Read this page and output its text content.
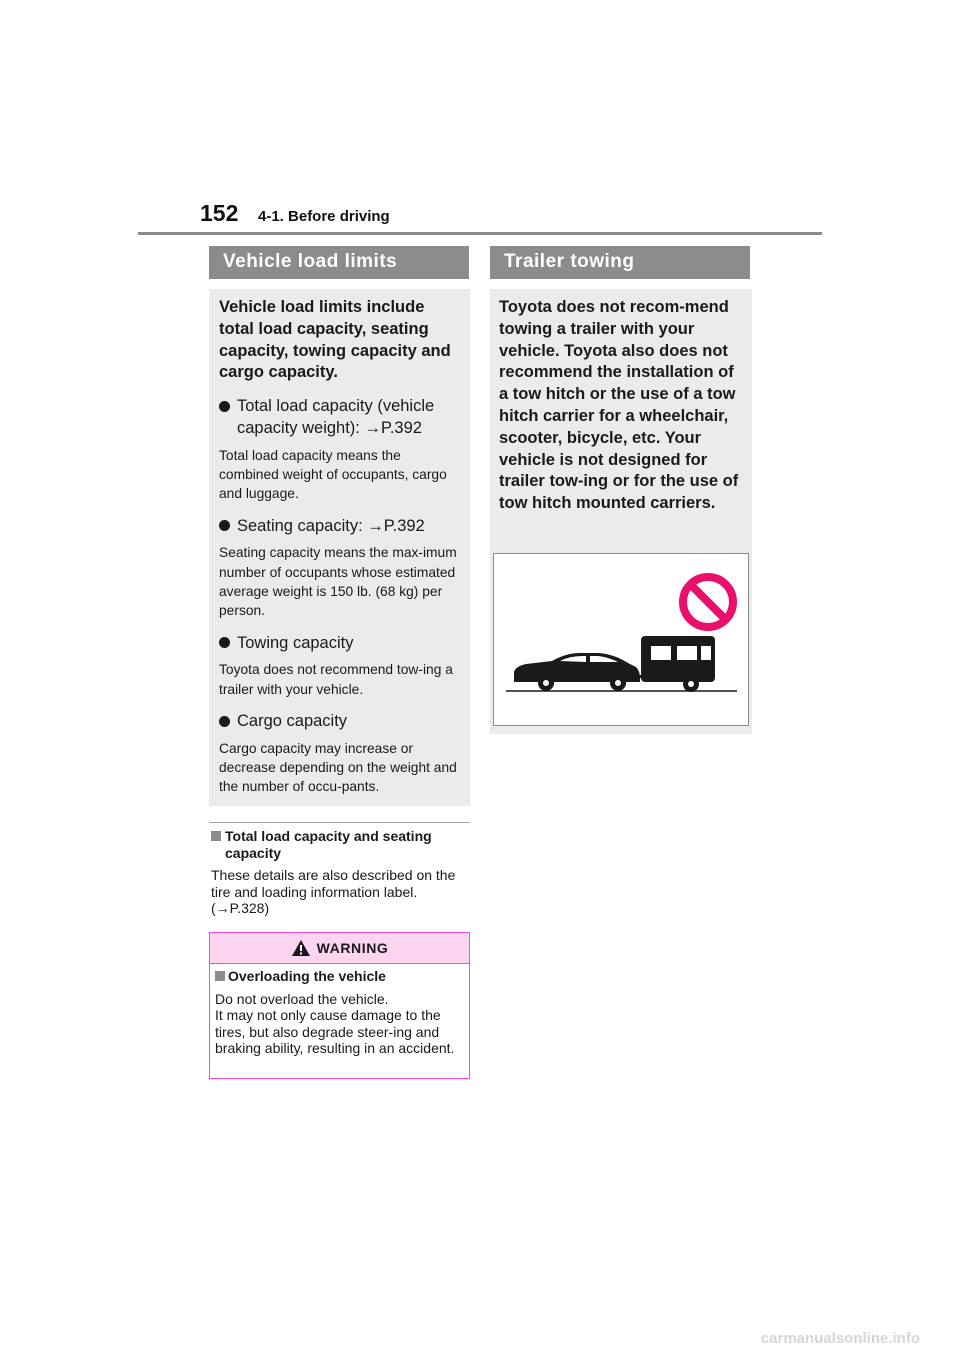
152 4-1. Before driving
Vehicle load limits	Trailer towing

Vehicle load limits include total load capacity, seating capacity, towing capacity and cargo capacity.

Total load capacity (vehicle capacity weight): →P.392

Total load capacity means the combined weight of occupants, cargo and luggage.

Seating capacity: →P.392

Seating capacity means the max-imum number of occupants whose estimated average weight is 150 lb. (68 kg) per person.

Towing capacity

Toyota does not recommend tow-ing a trailer with your vehicle.

Cargo capacity

Cargo capacity may increase or decrease depending on the weight and the number of occu-pants.

Toyota does not recom-mend towing a trailer with your vehicle. Toyota also does not recommend the installation of a tow hitch or the use of a tow hitch carrier for a wheelchair, scooter, bicycle, etc. Your vehicle is not designed for trailer tow-ing or for the use of tow hitch mounted carriers.

Total load capacity and seating capacity
These details are also described on the tire and loading information label. (→P.328)
WARNING

Overloading the vehicle

Do not overload the vehicle.
It may not only cause damage to the tires, but also degrade steer-ing and braking ability, resulting in an accident.

carmanualsonline.info
